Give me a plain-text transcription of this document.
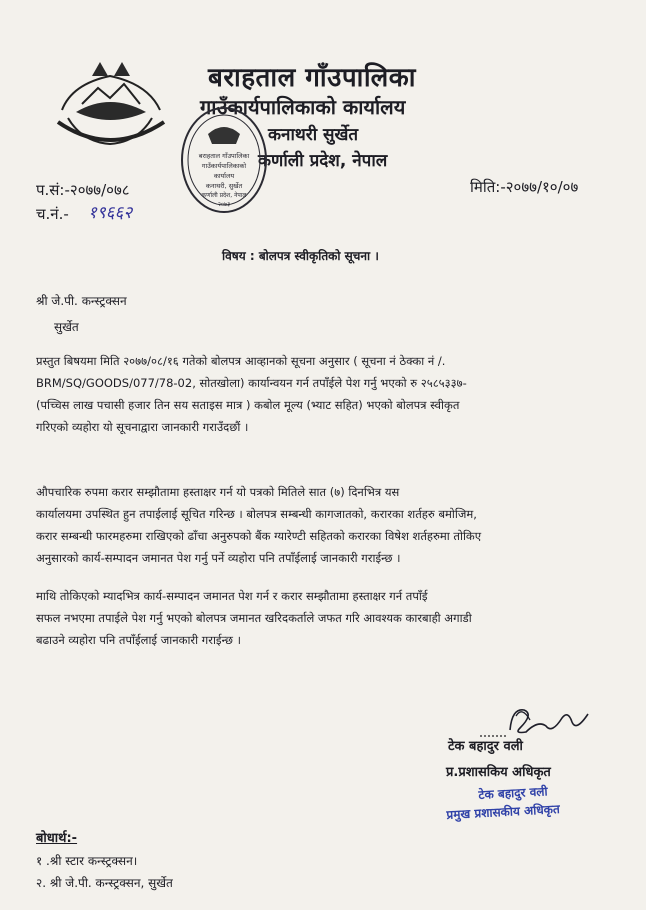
बराहताल गाँउपालिका
गाउँकार्यपालिकाको कार्यालय
कनाथरी सुर्खेत
कर्णाली प्रदेश, नेपाल
बराहताल गाँउपालिका
गाउँकार्यपालिकाको
कार्यालय
कनाथरी, सुर्खेत
कर्णाली प्रदेश, नेपाल
२०७३
प.सं:-२०७७/०७८
च.नं.- १९६६२
मिति:-२०७७/१०/०७
विषय : बोलपत्र स्वीकृतिको सूचना ।
श्री जे.पी. कन्स्ट्रक्सन
सुर्खेत
प्रस्तुत बिषयमा मिति २०७७/०८/१६ गतेको बोलपत्र आव्हानको सूचना अनुसार ( सूचना नं ठेक्का नं /.
BRM/SQ/GOODS/077/78-02, सोतखोला) कार्यान्वयन गर्न तपाँईले पेश गर्नु भएको रु २५८५३३७-
(पच्चिस लाख पचासी हजार तिन सय सताइस मात्र ) कबोल मूल्य (भ्याट सहित) भएको बोलपत्र स्वीकृत
गरिएको व्यहोरा यो सूचनाद्वारा जानकारी गराउँदछौं ।
औपचारिक रुपमा करार सम्झौतामा हस्ताक्षर गर्न यो पत्रको मितिले सात (७) दिनभित्र यस
कार्यालयमा उपस्थित हुन तपाईलाई सूचित गरिन्छ । बोलपत्र सम्बन्धी कागजातको, करारका शर्तहरु बमोजिम,
करार सम्बन्धी फारमहरुमा राखिएको ढाँचा अनुरुपको बैंक ग्यारेण्टी सहितको करारका विषेश शर्तहरुमा तोकिए
अनुसारको कार्य-सम्पादन जमानत पेश गर्नु पर्ने व्यहोरा पनि तपाँईलाई जानकारी गराईन्छ ।
माथि तोकिएको म्यादभित्र कार्य-सम्पादन जमानत पेश गर्न र करार सम्झौतामा हस्ताक्षर गर्न तपाँई
सफल नभएमा तपाईले पेश गर्नु भएको बोलपत्र जमानत खरिदकर्ताले जफत गरि आवश्यक कारबाही अगाडी
बढाउने व्यहोरा पनि तपाँईलाई जानकारी गराईन्छ ।
टेक बहादुर वली
प्र.प्रशासकिय अधिकृत
टेक बहादुर वली
प्रमुख प्रशासकीय अधिकृत
बोधार्थ:-
१ .श्री स्टार कन्स्ट्रक्सन।
२. श्री जे.पी. कन्स्ट्रक्सन, सुर्खेत
